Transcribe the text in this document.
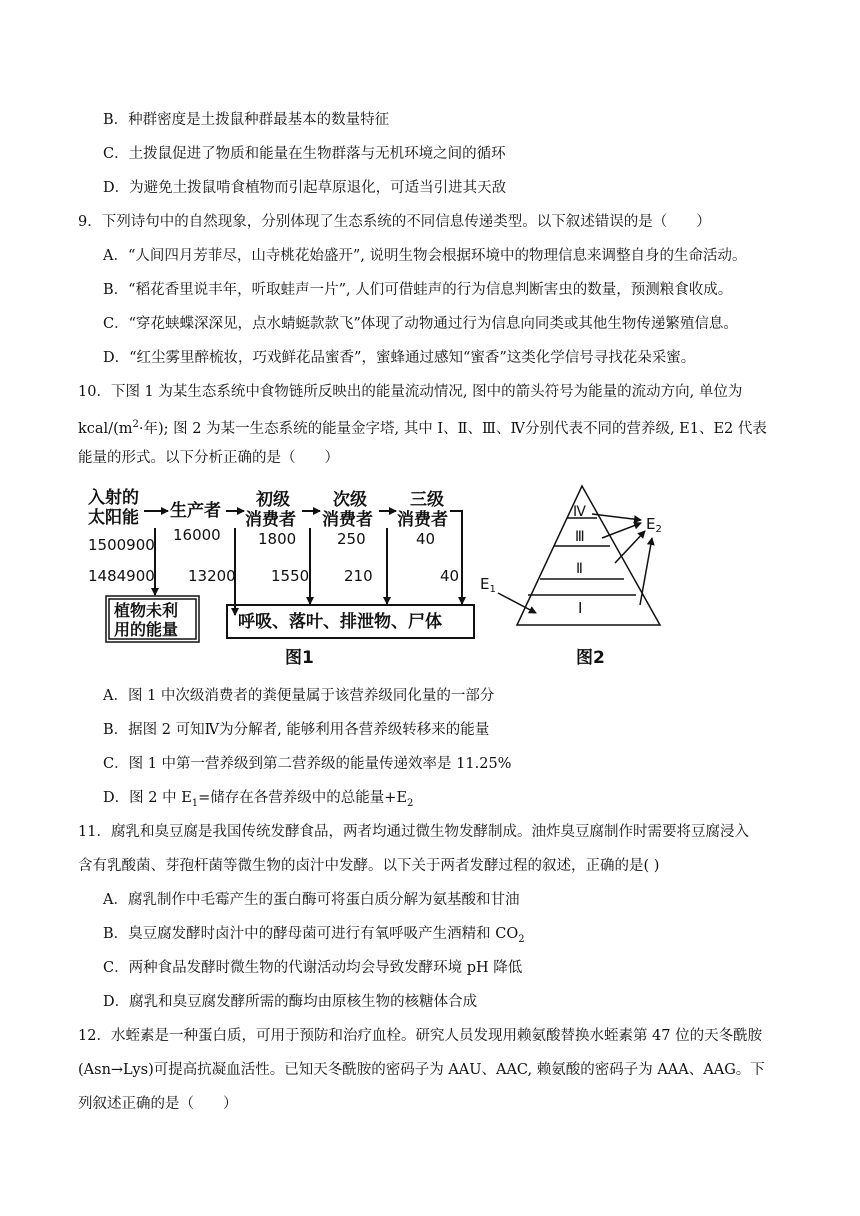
B．种群密度是土拨鼠种群最基本的数量特征
C．土拨鼠促进了物质和能量在生物群落与无机环境之间的循环
D．为避免土拨鼠啃食植物而引起草原退化，可适当引进其天敌
9．下列诗句中的自然现象，分别体现了生态系统的不同信息传递类型。以下叙述错误的是（　　）
A．“人间四月芳菲尽，山寺桃花始盛开”, 说明生物会根据环境中的物理信息来调整自身的生命活动。
B．“稻花香里说丰年，听取蛙声一片”, 人们可借蛙声的行为信息判断害虫的数量，预测粮食收成。
C．“穿花蛱蝶深深见，点水蜻蜓款款飞”体现了动物通过行为信息向同类或其他生物传递繁殖信息。
D．“红尘雾里醉梳妆，巧戏鲜花品蜜香”，蜜蜂通过感知“蜜香”这类化学信号寻找花朵采蜜。
10．下图 1 为某生态系统中食物链所反映出的能量流动情况, 图中的箭头符号为能量的流动方向, 单位为
kcal/($m^2\cdot$年); 图 2 为某一生态系统的能量金字塔, 其中 Ⅰ、Ⅱ、Ⅲ、Ⅳ分别代表不同的营养级, E1、E2 代表
能量的形式。以下分析正确的是（　　）
入射的
太阳能 生产者
初级
消费者
次级
消费者
三级
消费者
1500900
16000 1800	250	40
1484900 13200 1550 210	40
植物未利
用的能量	呼吸、落叶、排泄物、尸体
图1
Ⅳ
Ⅲ
Ⅱ
Ⅰ
$E_2$
$E_1$
图2
A．图 1 中次级消费者的粪便量属于该营养级同化量的一部分
B．据图 2 可知Ⅳ为分解者, 能够利用各营养级转移来的能量
C．图 1 中第一营养级到第二营养级的能量传递效率是 11.25%
D．图 2 中 $E_1=$储存在各营养级中的总能量$+E_2$
11．腐乳和臭豆腐是我国传统发酵食品，两者均通过微生物发酵制成。油炸臭豆腐制作时需要将豆腐浸入
含有乳酸菌、芽孢杆菌等微生物的卤汁中发酵。以下关于两者发酵过程的叙述，正确的是( )
A．腐乳制作中毛霉产生的蛋白酶可将蛋白质分解为氨基酸和甘油
B．臭豆腐发酵时卤汁中的酵母菌可进行有氧呼吸产生酒精和 $CO_2$
C．两种食品发酵时微生物的代谢活动均会导致发酵环境 pH 降低
D．腐乳和臭豆腐发酵所需的酶均由原核生物的核糖体合成
12．水蛭素是一种蛋白质，可用于预防和治疗血栓。研究人员发现用赖氨酸替换水蛭素第 47 位的天冬酰胺
(Asn→Lys)可提高抗凝血活性。已知天冬酰胺的密码子为 AAU、AAC, 赖氨酸的密码子为 AAA、AAG。下
列叙述正确的是（　　）
